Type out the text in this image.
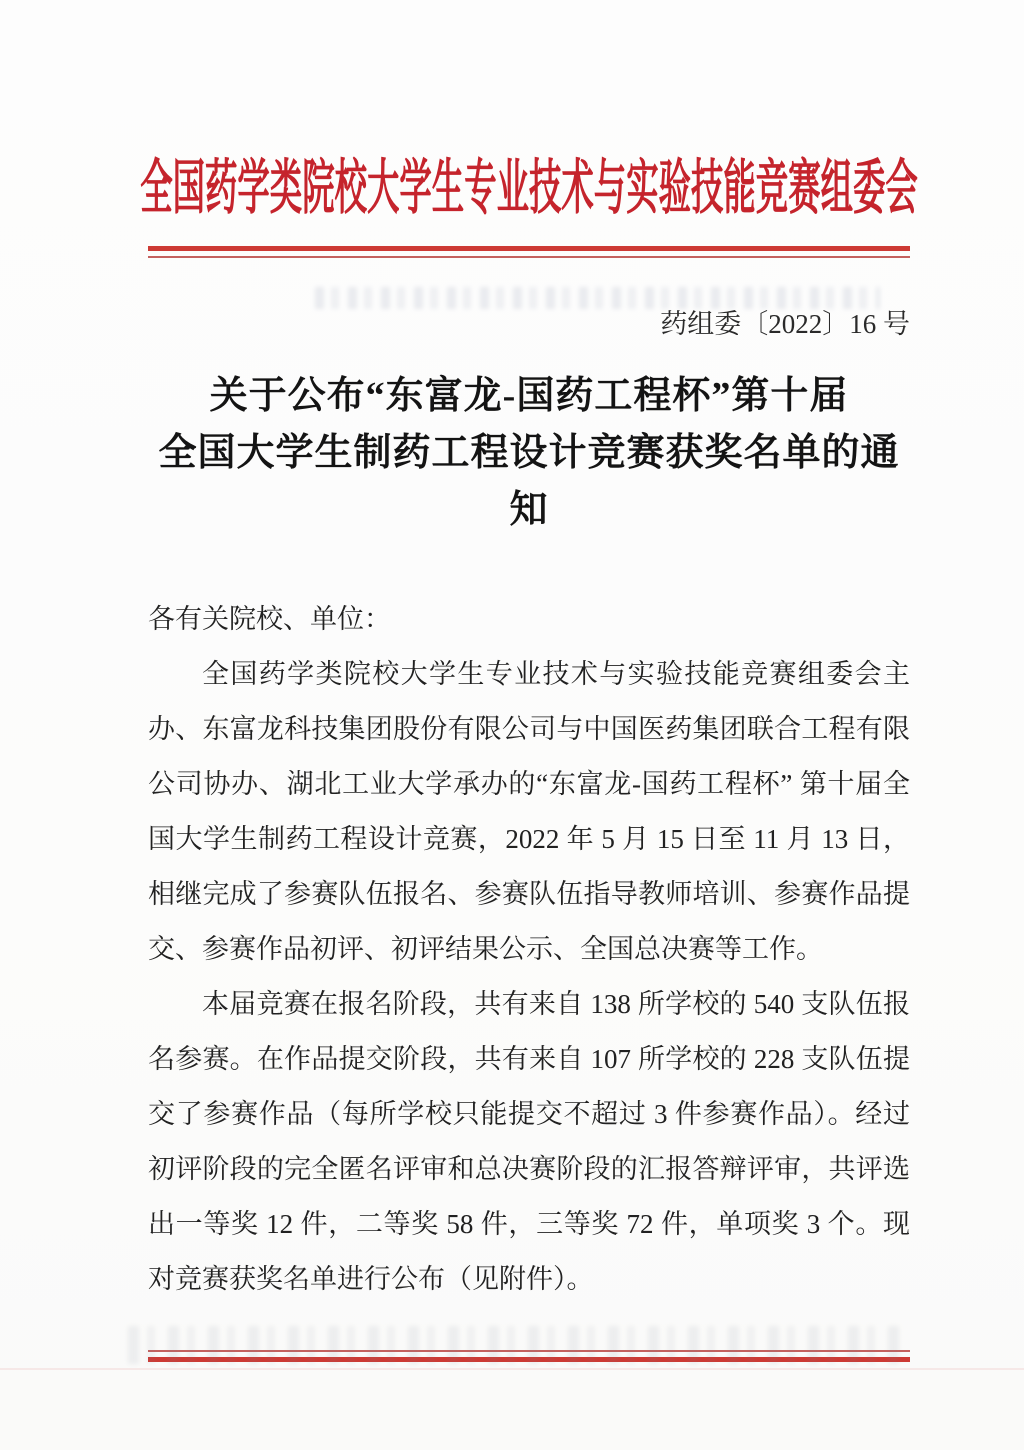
全国药学类院校大学生专业技术与实验技能竞赛组委会
药组委〔2022〕16 号
关于公布“东富龙-国药工程杯”第十届
全国大学生制药工程设计竞赛获奖名单的通知

各有关院校、单位：

全国药学类院校大学生专业技术与实验技能竞赛组委会主
办、东富龙科技集团股份有限公司与中国医药集团联合工程有限
公司协办、湖北工业大学承办的“东富龙-国药工程杯” 第十届全
国大学生制药工程设计竞赛，2022 年 5 月 15 日至 11 月 13 日，
相继完成了参赛队伍报名、参赛队伍指导教师培训、参赛作品提
交、参赛作品初评、初评结果公示、全国总决赛等工作。
本届竞赛在报名阶段，共有来自 138 所学校的 540 支队伍报
名参赛。在作品提交阶段，共有来自 107 所学校的 228 支队伍提
交了参赛作品（每所学校只能提交不超过 3 件参赛作品）。经过
初评阶段的完全匿名评审和总决赛阶段的汇报答辩评审，共评选
出一等奖 12 件，二等奖 58 件，三等奖 72 件，单项奖 3 个。现
对竞赛获奖名单进行公布（见附件）。
